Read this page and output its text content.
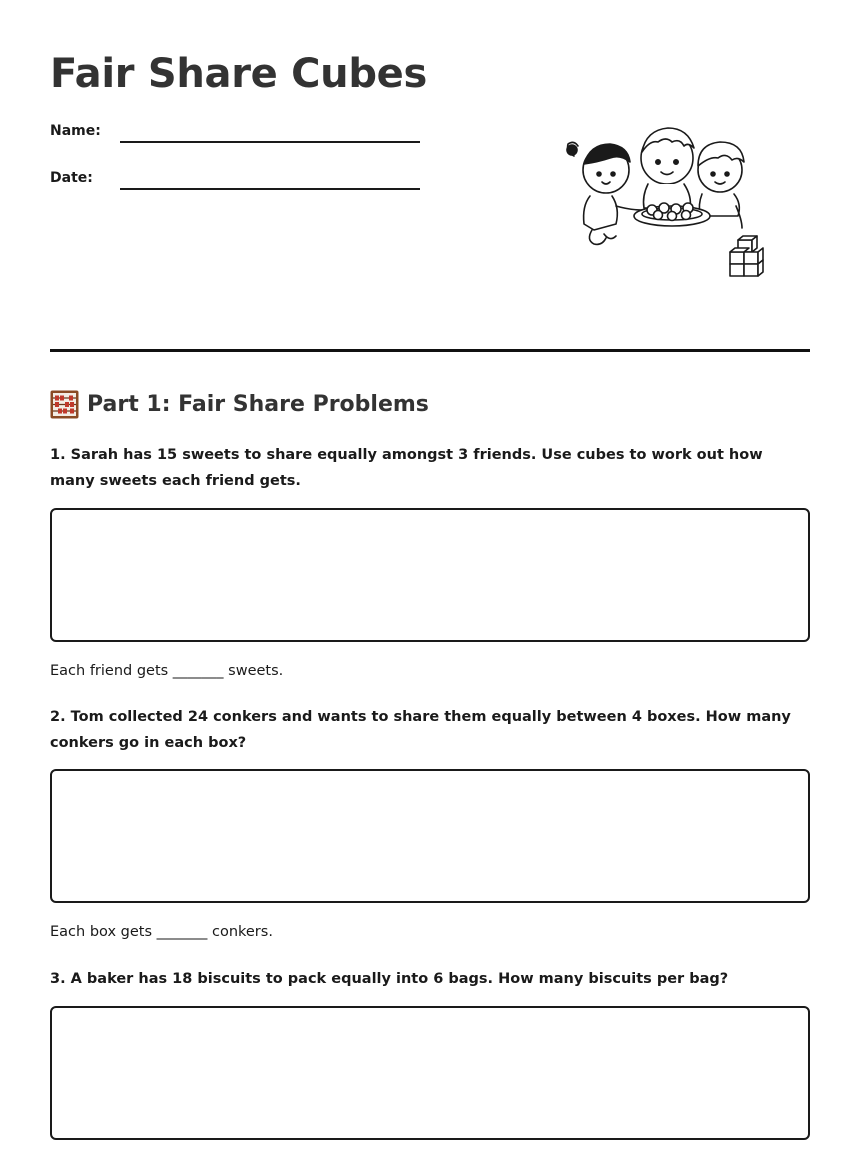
Fair Share Cubes
Name:
Date:
Part 1: Fair Share Problems

1. Sarah has 15 sweets to share equally amongst 3 friends. Use cubes to work out how many sweets each friend gets.

Each friend gets _______ sweets.

2. Tom collected 24 conkers and wants to share them equally between 4 boxes. How many conkers go in each box?

Each box gets _______ conkers.

3. A baker has 18 biscuits to pack equally into 6 bags. How many biscuits per bag?
